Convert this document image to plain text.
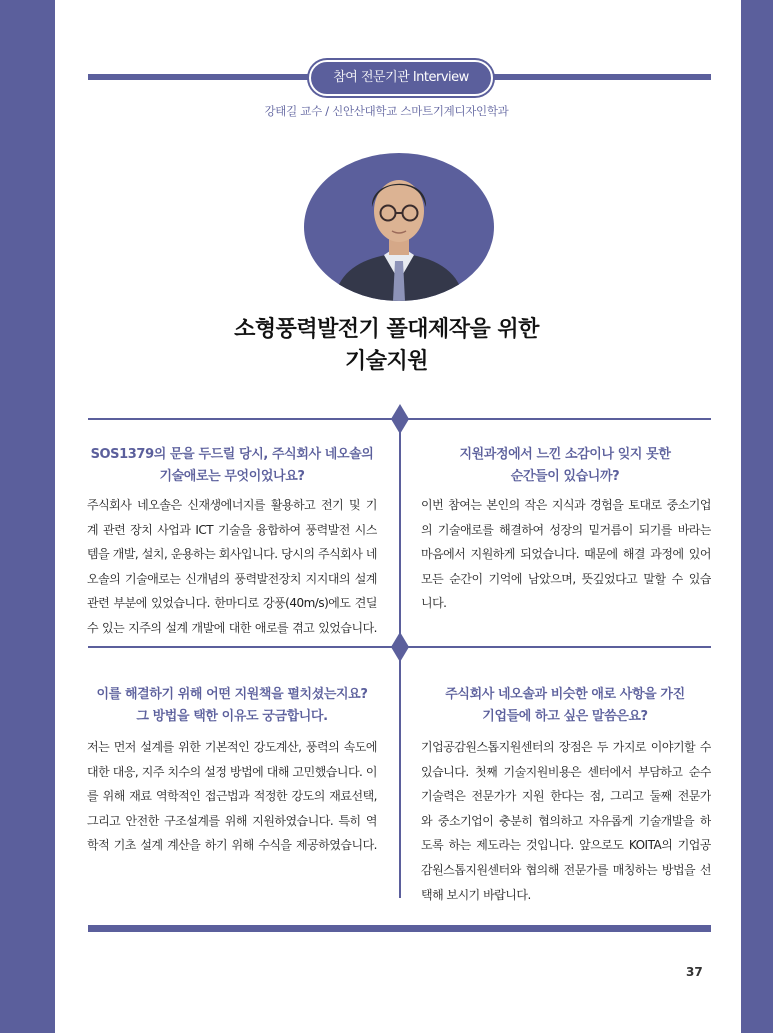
참여 전문기관 Interview
강태길 교수 / 신안산대학교 스마트기계디자인학과
소형풍력발전기 폴대제작을 위한
기술지원
SOS1379의 문을 두드릴 당시, 주식회사 네오솔의
기술애로는 무엇이었나요?
주식회사 네오솔은 신재생에너지를 활용하고 전기 및 기
계 관련 장치 사업과 ICT 기술을 융합하여 풍력발전 시스
템을 개발, 설치, 운용하는 회사입니다. 당시의 주식회사 네
오솔의 기술애로는 신개념의 풍력발전장치 지지대의 설계
관련 부분에 있었습니다. 한마디로 강풍(40m/s)에도 견딜
수 있는 지주의 설계 개발에 대한 애로를 겪고 있었습니다.
지원과정에서 느낀 소감이나 잊지 못한
순간들이 있습니까?
이번 참여는 본인의 작은 지식과 경험을 토대로 중소기업
의 기술애로를 해결하여 성장의 밑거름이 되기를 바라는
마음에서 지원하게 되었습니다. 때문에 해결 과정에 있어
모든 순간이 기억에 남았으며, 뜻깊었다고 말할 수 있습
니다.
이를 해결하기 위해 어떤 지원책을 펼치셨는지요?
그 방법을 택한 이유도 궁금합니다.
저는 먼저 설계를 위한 기본적인 강도계산, 풍력의 속도에
대한 대응, 지주 치수의 설정 방법에 대해 고민했습니다. 이
를 위해 재료 역학적인 접근법과 적정한 강도의 재료선택,
그리고 안전한 구조설계를 위해 지원하였습니다. 특히 역
학적 기초 설계 계산을 하기 위해 수식을 제공하였습니다.
주식회사 네오솔과 비슷한 애로 사항을 가진
기업들에 하고 싶은 말씀은요?
기업공감원스톱지원센터의 장점은 두 가지로 이야기할 수
있습니다. 첫째 기술지원비용은 센터에서 부담하고 순수
기술력은 전문가가 지원 한다는 점, 그리고 둘째 전문가
와 중소기업이 충분히 협의하고 자유롭게 기술개발을 하
도록 하는 제도라는 것입니다. 앞으로도 KOITA의 기업공
감원스톱지원센터와 협의해 전문가를 매칭하는 방법을 선
택해 보시기 바랍니다.
37
